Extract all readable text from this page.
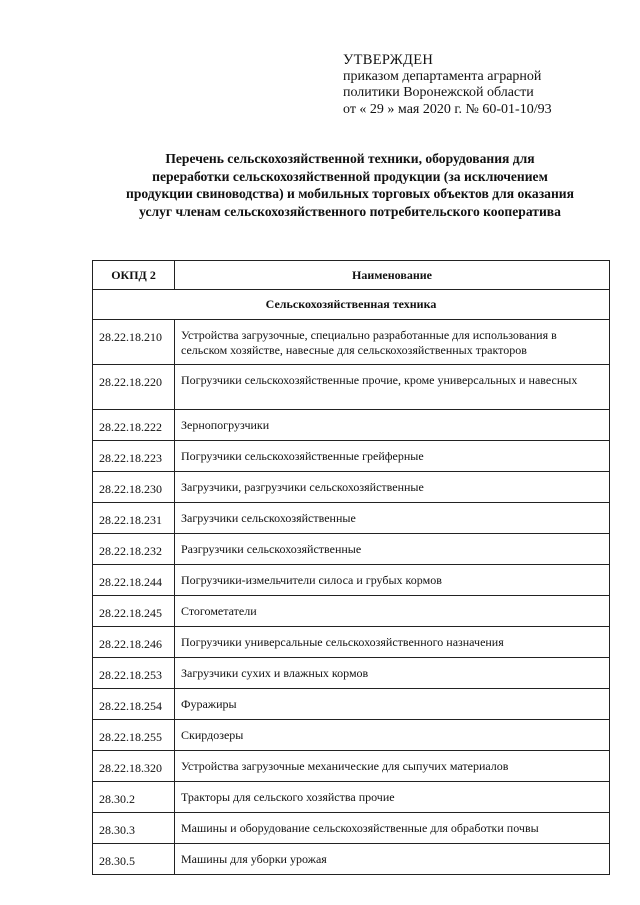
УТВЕРЖДЕН
приказом департамента аграрной
политики Воронежской области
от « 29 » мая 2020 г. № 60-01-10/93
Перечень сельскохозяйственной техники, оборудования для
переработки сельскохозяйственной продукции (за исключением
продукции свиноводства) и мобильных торговых объектов для оказания
услуг членам сельскохозяйственного потребительского кооператива
ОКПД 2	Наименование
Сельскохозяйственная техника	
28.22.18.210	Устройства загрузочные, специально разработанные для использования в сельском хозяйстве, навесные для сельскохозяйственных тракторов
28.22.18.220	Погрузчики сельскохозяйственные прочие, кроме универсальных и навесных
28.22.18.222	Зернопогрузчики
28.22.18.223	Погрузчики сельскохозяйственные грейферные
28.22.18.230	Загрузчики, разгрузчики сельскохозяйственные
28.22.18.231	Загрузчики сельскохозяйственные
28.22.18.232	Разгрузчики сельскохозяйственные
28.22.18.244	Погрузчики-измельчители силоса и грубых кормов
28.22.18.245	Стогометатели
28.22.18.246	Погрузчики универсальные сельскохозяйственного назначения
28.22.18.253	Загрузчики сухих и влажных кормов
28.22.18.254	Фуражиры
28.22.18.255	Скирдозеры
28.22.18.320	Устройства загрузочные механические для сыпучих материалов
28.30.2	Тракторы для сельского хозяйства прочие
28.30.3	Машины и оборудование сельскохозяйственные для обработки почвы
28.30.5	Машины для уборки урожая
